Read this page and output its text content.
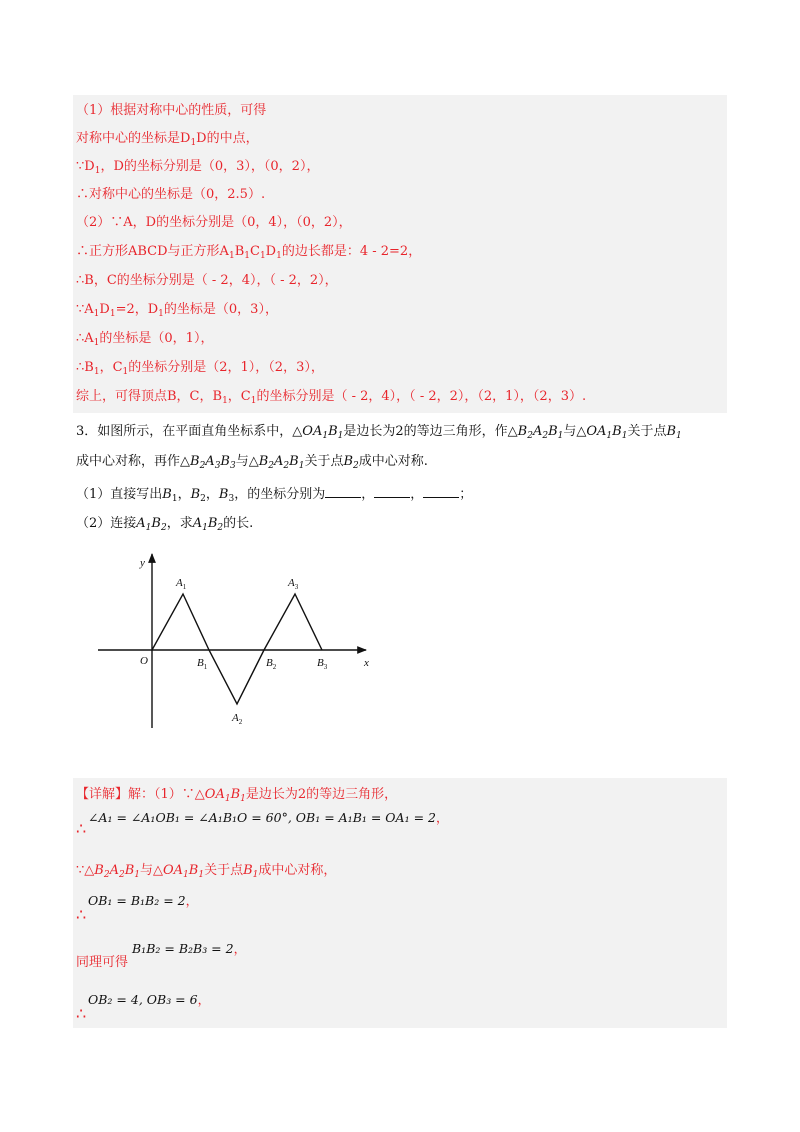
（1）根据对称中心的性质，可得
对称中心的坐标是$D_1D$的中点，
$\because D_1$，D的坐标分别是（0，3），（0，2），
∴对称中心的坐标是（0，2.5）.
（2）∵A，D的坐标分别是（0，4），（0，2），
∴正方形ABCD与正方形$A_1B_1C_1D_1$的边长都是：4 - 2=2，
∴B，C的坐标分别是（ - 2，4），（ - 2，2），
$\because A_1D_1=2$，$D_1$的坐标是（0，3），
$\therefore A_1$的坐标是（0，1），
$\therefore B_1$，$C_1$的坐标分别是（2，1），（2，3），
综上，可得顶点B，C，$B_1$，$C_1$的坐标分别是（ - 2，4），（ - 2，2），（2，1），（2，3）.
3．如图所示，在平面直角坐标系中，$\triangle OA_1B_1$是边长为2的等边三角形，作$\triangle B_2A_2B_1$与$\triangle OA_1B_1$关于点$B_1$
成中心对称，再作$\triangle B_2A_3B_3$与$\triangle B_2A_2B_1$关于点$B_2$成中心对称.
（1）直接写出$B_1$，$B_2$，$B_3$，的坐标分别为	，	，	；
（2）连接$A_1B_2$，求$A_1B_2$的长.
y
x
O
$A_1$	$A_3$
$A_2$
$B_1$	$B_2$	$B_3$
【详解】解：$(1)\because\triangle OA_1B_1$是边长为2的等边三角形，
∴
∠A₁ = ∠A₁OB₁ = ∠A₁B₁O = 60°, OB₁ = A₁B₁ = OA₁ = 2，
$\because\triangle B_2A_2B_1$与$\triangle OA_1B_1$关于点$B_1$成中心对称，
∴
OB₁ = B₁B₂ = 2，
同理可得
B₁B₂ = B₂B₃ = 2，
∴
OB₂ = 4, OB₃ = 6，
